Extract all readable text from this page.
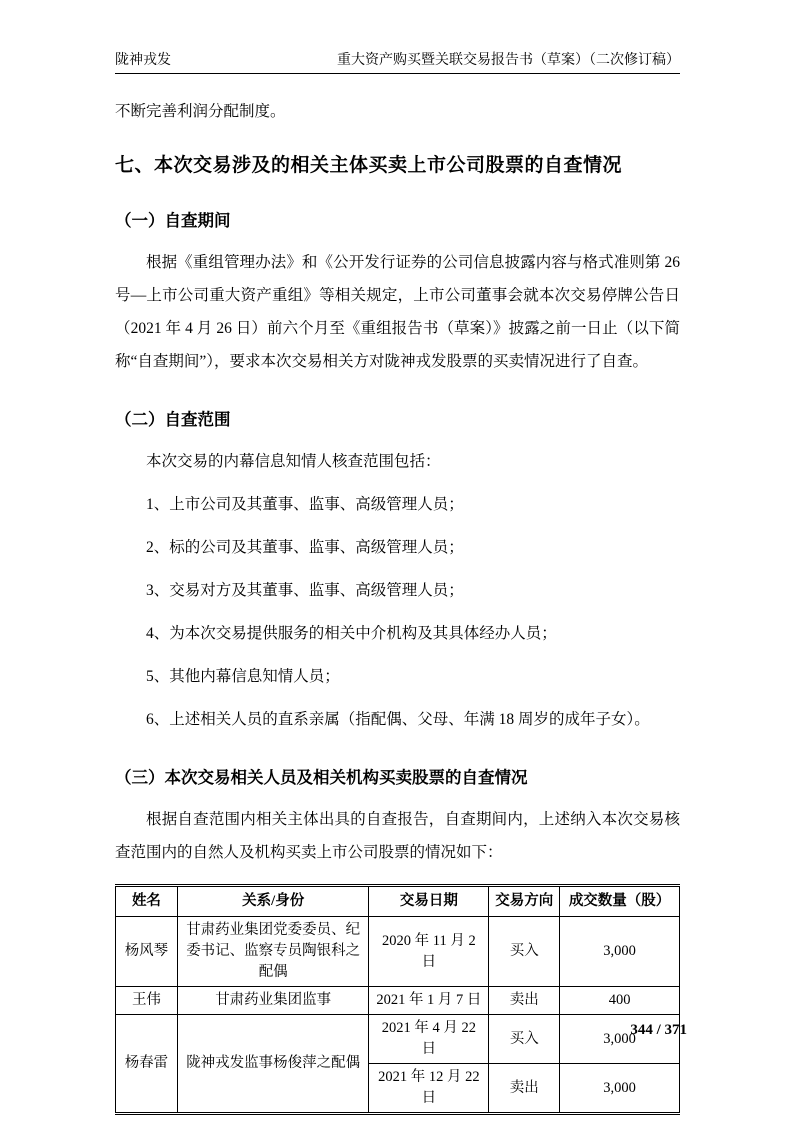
陇神戎发	重大资产购买暨关联交易报告书（草案）（二次修订稿）

不断完善利润分配制度。

七、本次交易涉及的相关主体买卖上市公司股票的自查情况
（一）自查期间

根据《重组管理办法》和《公开发行证券的公司信息披露内容与格式准则第 26 号—上市公司重大资产重组》等相关规定，上市公司董事会就本次交易停牌公告日（2021 年 4 月 26 日）前六个月至《重组报告书（草案）》披露之前一日止（以下简称“自查期间”），要求本次交易相关方对陇神戎发股票的买卖情况进行了自查。

（二）自查范围

本次交易的内幕信息知情人核查范围包括：

1、上市公司及其董事、监事、高级管理人员；

2、标的公司及其董事、监事、高级管理人员；

3、交易对方及其董事、监事、高级管理人员；

4、为本次交易提供服务的相关中介机构及其具体经办人员；

5、其他内幕信息知情人员；

6、上述相关人员的直系亲属（指配偶、父母、年满 18 周岁的成年子女）。

（三）本次交易相关人员及相关机构买卖股票的自查情况

根据自查范围内相关主体出具的自查报告，自查期间内，上述纳入本次交易核查范围内的自然人及机构买卖上市公司股票的情况如下：

姓名	关系/身份	交易日期	交易方向	成交数量（股）
杨风琴	甘肃药业集团党委委员、纪委书记、监察专员陶银科之配偶	2020 年 11 月 2 日	买入	3,000
王伟	甘肃药业集团监事	2021 年 1 月 7 日	卖出	400
杨春雷	陇神戎发监事杨俊萍之配偶	2021 年 4 月 22 日	买入	3,000
		2021 年 12 月 22 日	卖出	3,000
344 / 371
